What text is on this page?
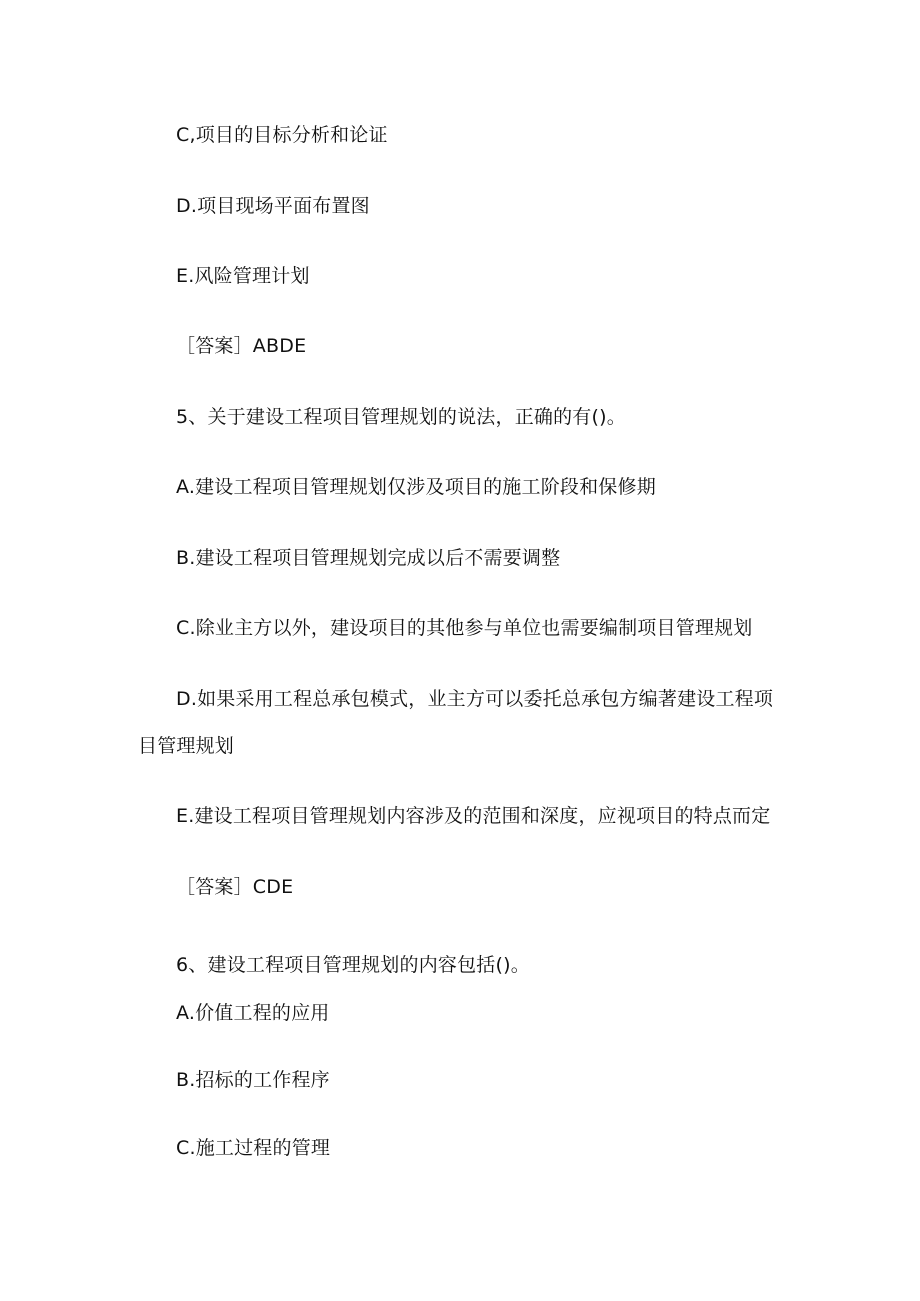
C,项目的目标分析和论证
D.项目现场平面布置图
E.风险管理计划
［答案］ABDE
5、关于建设工程项目管理规划的说法，正确的有()。
A.建设工程项目管理规划仅涉及项目的施工阶段和保修期
B.建设工程项目管理规划完成以后不需要调整
C.除业主方以外，建设项目的其他参与单位也需要编制项目管理规划
D.如果采用工程总承包模式，业主方可以委托总承包方编著建设工程项
目管理规划
E.建设工程项目管理规划内容涉及的范围和深度，应视项目的特点而定
［答案］CDE
6、建设工程项目管理规划的内容包括()。
A.价值工程的应用
B.招标的工作程序
C.施工过程的管理
